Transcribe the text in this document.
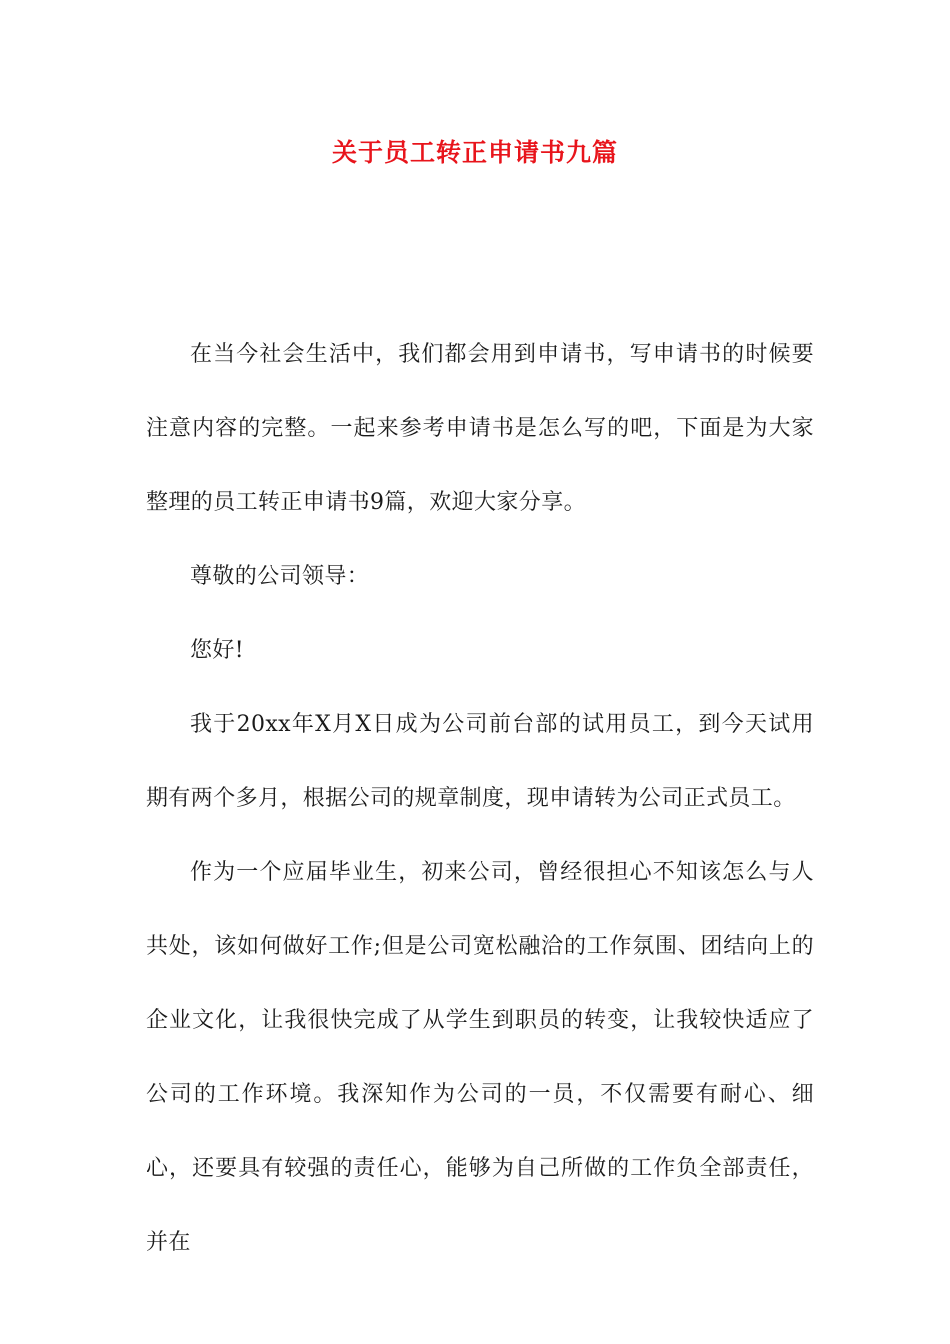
关于员工转正申请书九篇

在当今社会生活中，我们都会用到申请书，写申请书的时候要注意内容的完整。一起来参考申请书是怎么写的吧，下面是为大家整理的员工转正申请书9篇，欢迎大家分享。

尊敬的公司领导：

您好!

我于20xx年X月X日成为公司前台部的试用员工，到今天试用期有两个多月，根据公司的规章制度，现申请转为公司正式员工。

作为一个应届毕业生，初来公司，曾经很担心不知该怎么与人共处，该如何做好工作;但是公司宽松融洽的工作氛围、团结向上的企业文化，让我很快完成了从学生到职员的转变，让我较快适应了公司的工作环境。我深知作为公司的一员，不仅需要有耐心、细心，还要具有较强的责任心，能够为自己所做的工作负全部责任，并在
